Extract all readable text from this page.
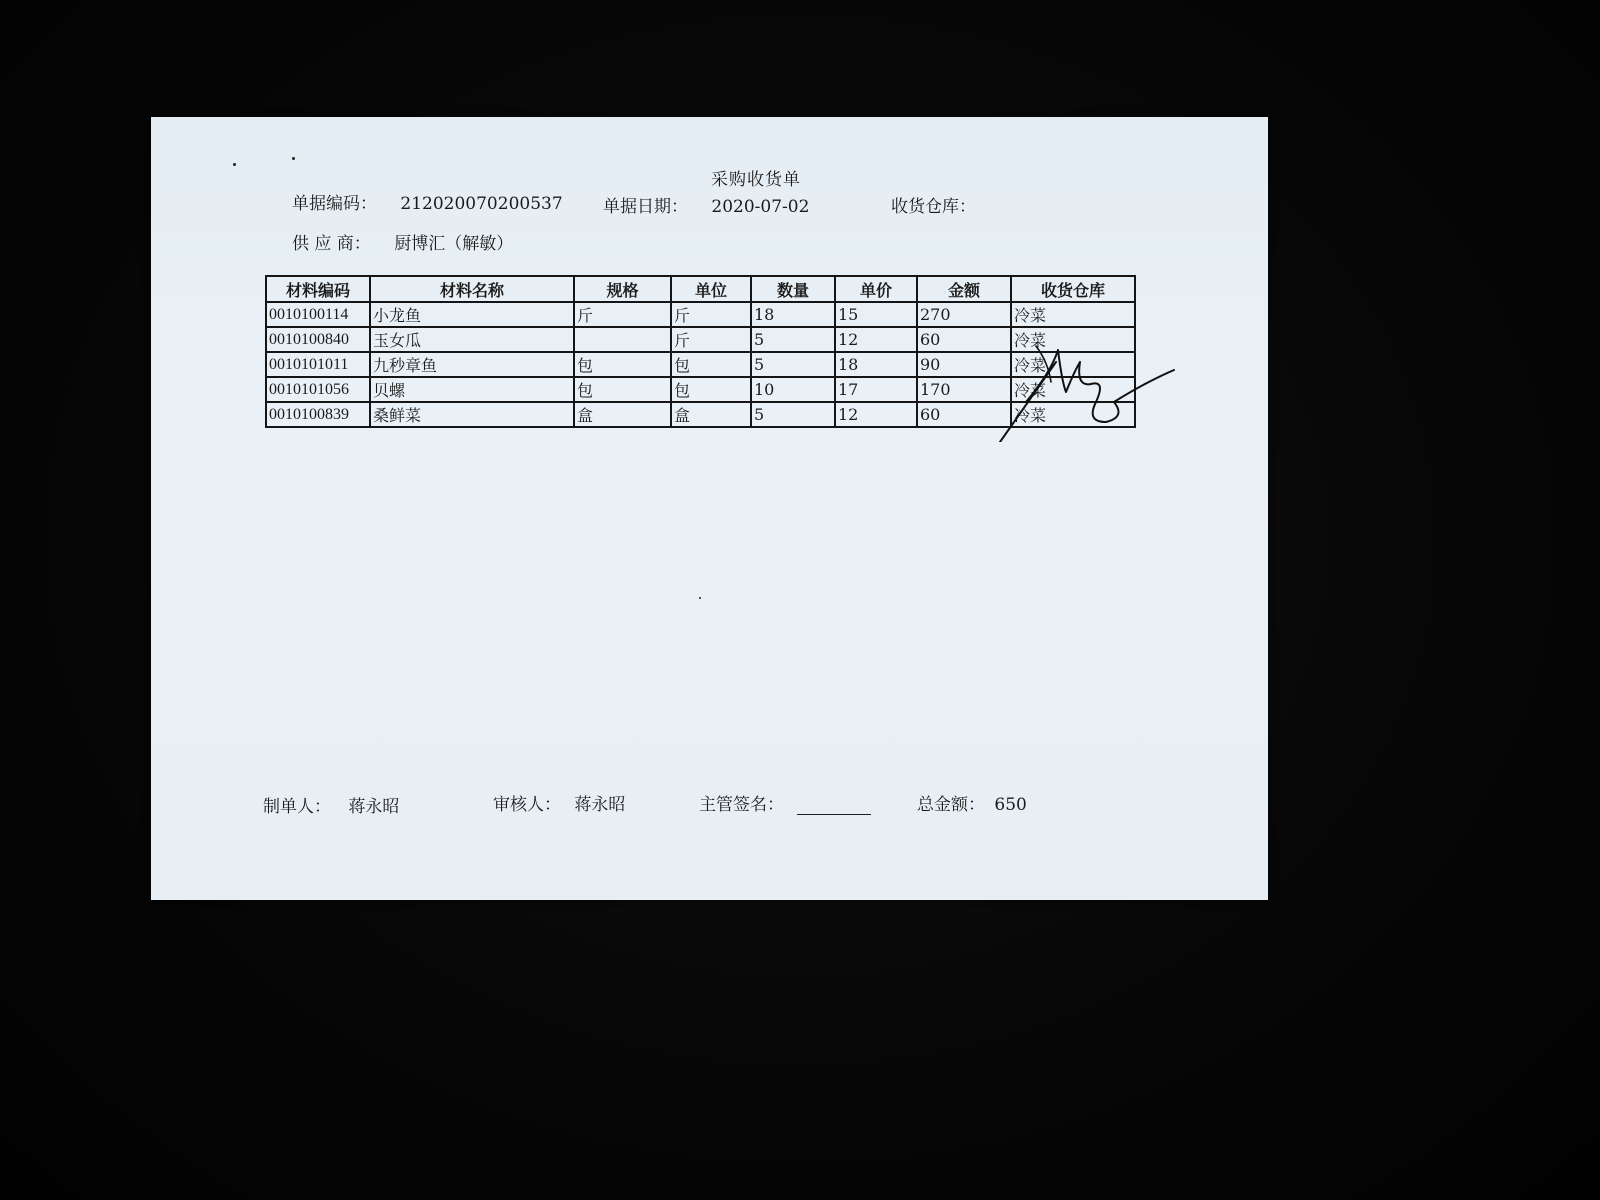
采购收货单
单据编码： 212020070200537 单据日期： 2020-07-02	收货仓库：
供 应 商： 厨博汇（解敏）
材料编码	材料名称	规格	单位	数量	单价	金额	收货仓库
0010100114	小龙鱼	斤	斤	18	15	270	冷菜
0010100840	玉女瓜		斤	5	12	60	冷菜
0010101011	九秒章鱼	包	包	5	18	90	冷菜
0010101056	贝螺	包	包	10	17	170	冷菜
0010100839	桑鲜菜	盒	盒	5	12	60	冷菜
制单人： 蒋永昭	审核人： 蒋永昭	主管签名：	总金额： 650
